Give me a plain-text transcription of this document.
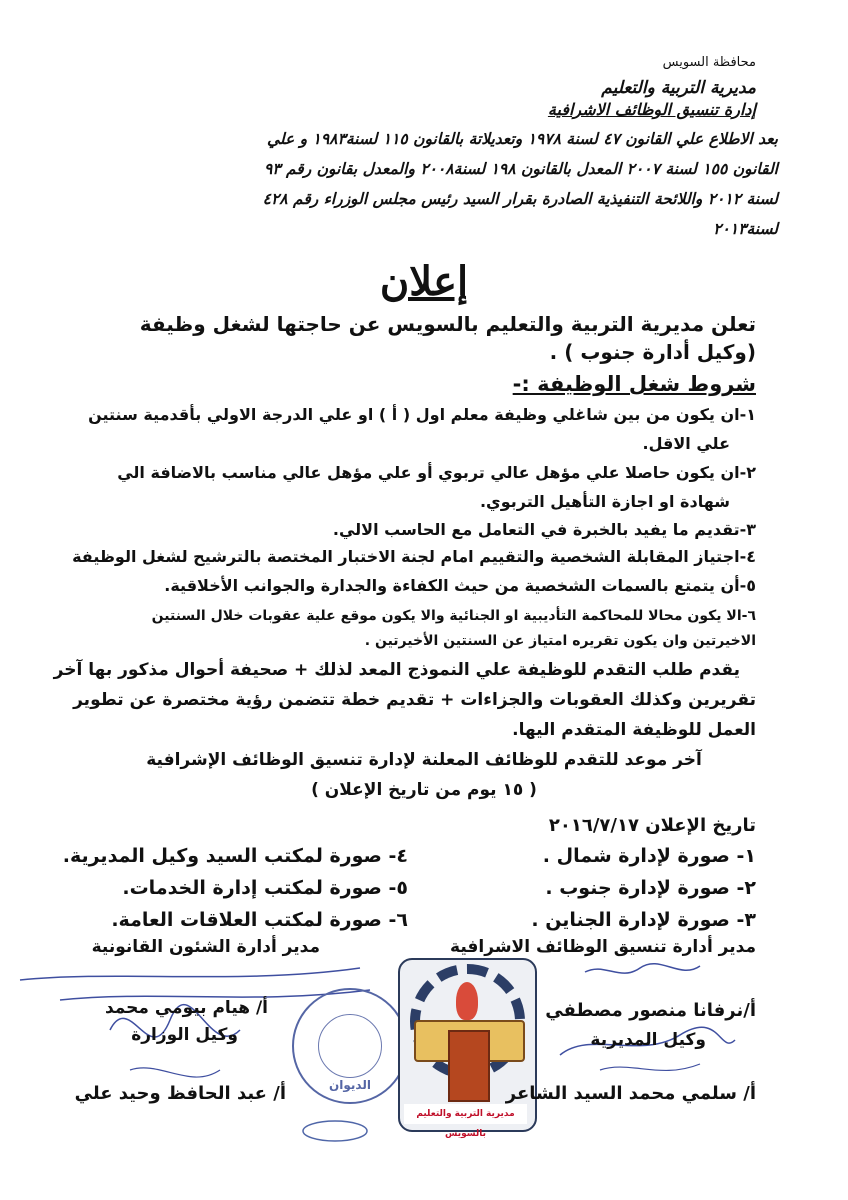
محافظة السويس
مديرية التربية والتعليم
إدارة تنسيق الوظائف الاشرافية
بعد الاطلاع علي القانون ٤٧ لسنة ١٩٧٨ وتعديلاتة بالقانون ١١٥ لسنة١٩٨٣ و علي
القانون ١٥٥ لسنة ٢٠٠٧ المعدل بالقانون ١٩٨ لسنة٢٠٠٨ والمعدل بقانون رقم ٩٣
لسنة ٢٠١٢ واللائحة التنفيذية الصادرة بقرار السيد رئيس مجلس الوزراء رقم ٤٢٨
لسنة٢٠١٣
إعلان
تعلن مديرية التربية والتعليم بالسويس عن حاجتها لشغل وظيفة
(وكيل أدارة جنوب ) .
شروط شغل الوظيفة :-
١-ان يكون من بين شاغلي وظيفة معلم اول ( أ ) او علي الدرجة الاولي بأقدمية سنتين
علي الاقل.
٢-ان يكون حاصلا علي مؤهل عالي تربوي أو علي مؤهل عالي مناسب بالاضافة الي
شهادة او اجازة التأهيل التربوي.
٣-تقديم ما يفيد بالخبرة في التعامل مع الحاسب الالي.
٤-اجتياز المقابلة الشخصية والتقييم امام لجنة الاختبار المختصة بالترشيح لشغل الوظيفة
٥-أن يتمتع بالسمات الشخصية من حيث الكفاءة والجدارة والجوانب الأخلاقية.
٦-الا يكون محالا للمحاكمة التأديبية او الجنائية والا يكون موقع علية عقوبات خلال السنتين
الاخيرتين وان يكون تقريره امتياز عن السنتين الأخيرتين .
يقدم طلب التقدم للوظيفة علي النموذج المعد لذلك + صحيفة أحوال مذكور بها آخر
تقريرين وكذلك العقوبات والجزاءات + تقديم خطة تتضمن رؤية مختصرة عن تطوير
العمل للوظيفة المتقدم اليها.
آخر موعد للتقدم للوظائف المعلنة لإدارة تنسيق الوظائف الإشرافية
( ١٥ يوم من تاريخ الإعلان )
تاريخ الإعلان ٢٠١٦/٧/١٧
١- صورة لإدارة شمال .
٢- صورة لإدارة جنوب .
٣- صورة لإدارة الجناين .
٤- صورة لمكتب السيد وكيل المديرية.
٥- صورة لمكتب إدارة الخدمات.
٦- صورة لمكتب العلاقات العامة.
مدير أدارة تنسيق الوظائف الاشرافية
مدير أدارة الشئون القانونية
أ/نرفانا منصور مصطفي
وكيل المديرية
أ/ هيام بيومي محمد
وكيل الوزارة
الديوان
مديرية التربية والتعليم بالسويس
أ/ سلمي محمد السيد الشاعر
أ/ عبد الحافظ وحيد علي
